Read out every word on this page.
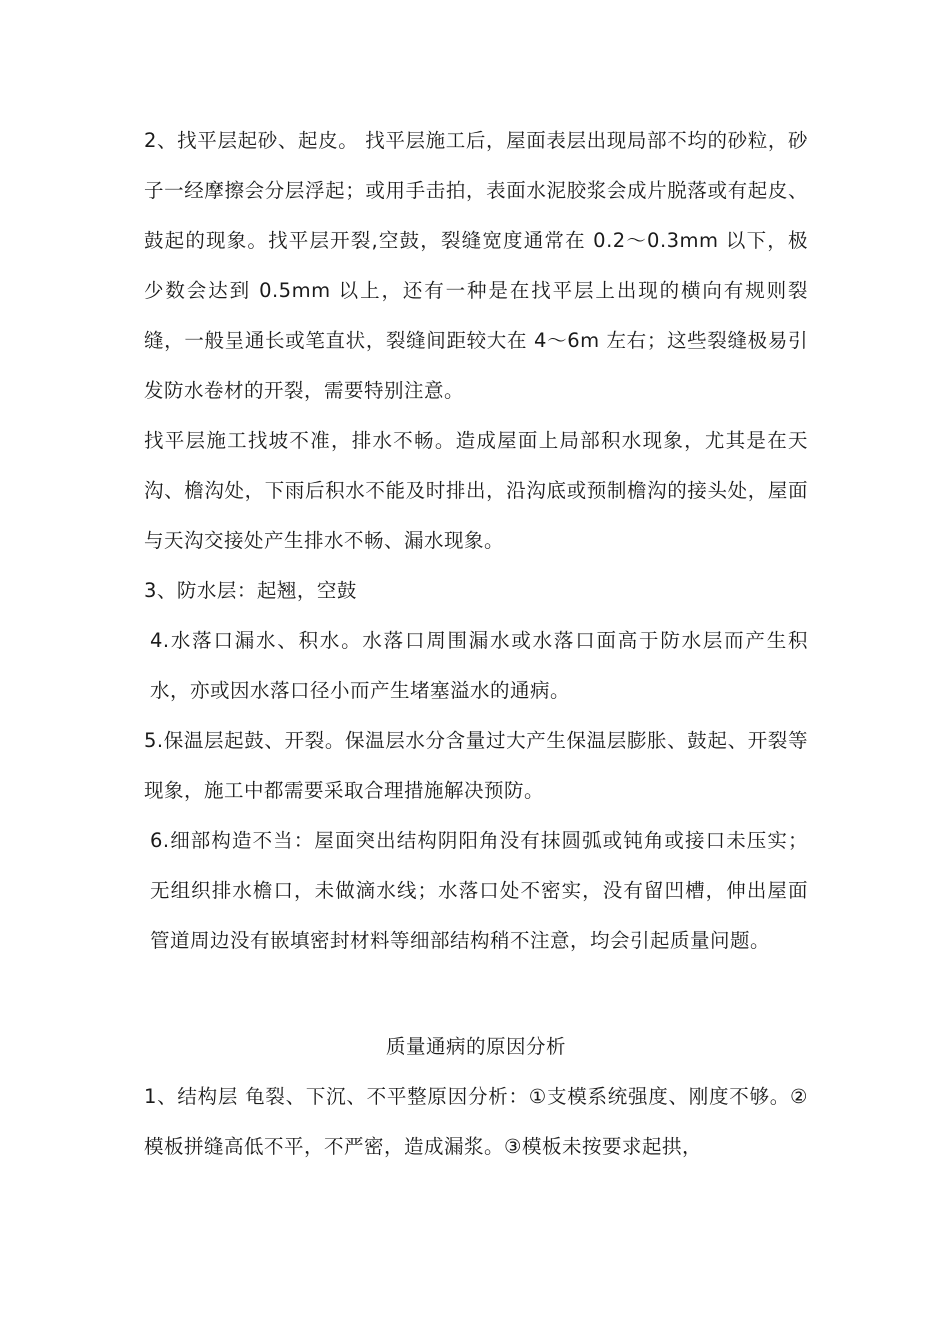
2、找平层起砂、起皮。 找平层施工后，屋面表层出现局部不均的砂粒，砂子一经摩擦会分层浮起；或用手击拍，表面水泥胶浆会成片脱落或有起皮、鼓起的现象。找平层开裂,空鼓，裂缝宽度通常在 0.2～0.3mm 以下，极少数会达到 0.5mm 以上，还有一种是在找平层上出现的横向有规则裂缝，一般呈通长或笔直状，裂缝间距较大在 4～6m 左右；这些裂缝极易引发防水卷材的开裂，需要特别注意。

找平层施工找坡不准，排水不畅。造成屋面上局部积水现象，尤其是在天沟、檐沟处，下雨后积水不能及时排出，沿沟底或预制檐沟的接头处，屋面与天沟交接处产生排水不畅、漏水现象。

3、防水层：起翘，空鼓

4.水落口漏水、积水。水落口周围漏水或水落口面高于防水层而产生积水，亦或因水落口径小而产生堵塞溢水的通病。

5.保温层起鼓、开裂。保温层水分含量过大产生保温层膨胀、鼓起、开裂等现象，施工中都需要采取合理措施解决预防。

6.细部构造不当：屋面突出结构阴阳角没有抹圆弧或钝角或接口未压实；无组织排水檐口，未做滴水线；水落口处不密实，没有留凹槽，伸出屋面管道周边没有嵌填密封材料等细部结构稍不注意，均会引起质量问题。

质量通病的原因分析

1、结构层 龟裂、下沉、不平整原因分析：①支模系统强度、刚度不够。②模板拼缝高低不平，不严密，造成漏浆。③模板未按要求起拱，
